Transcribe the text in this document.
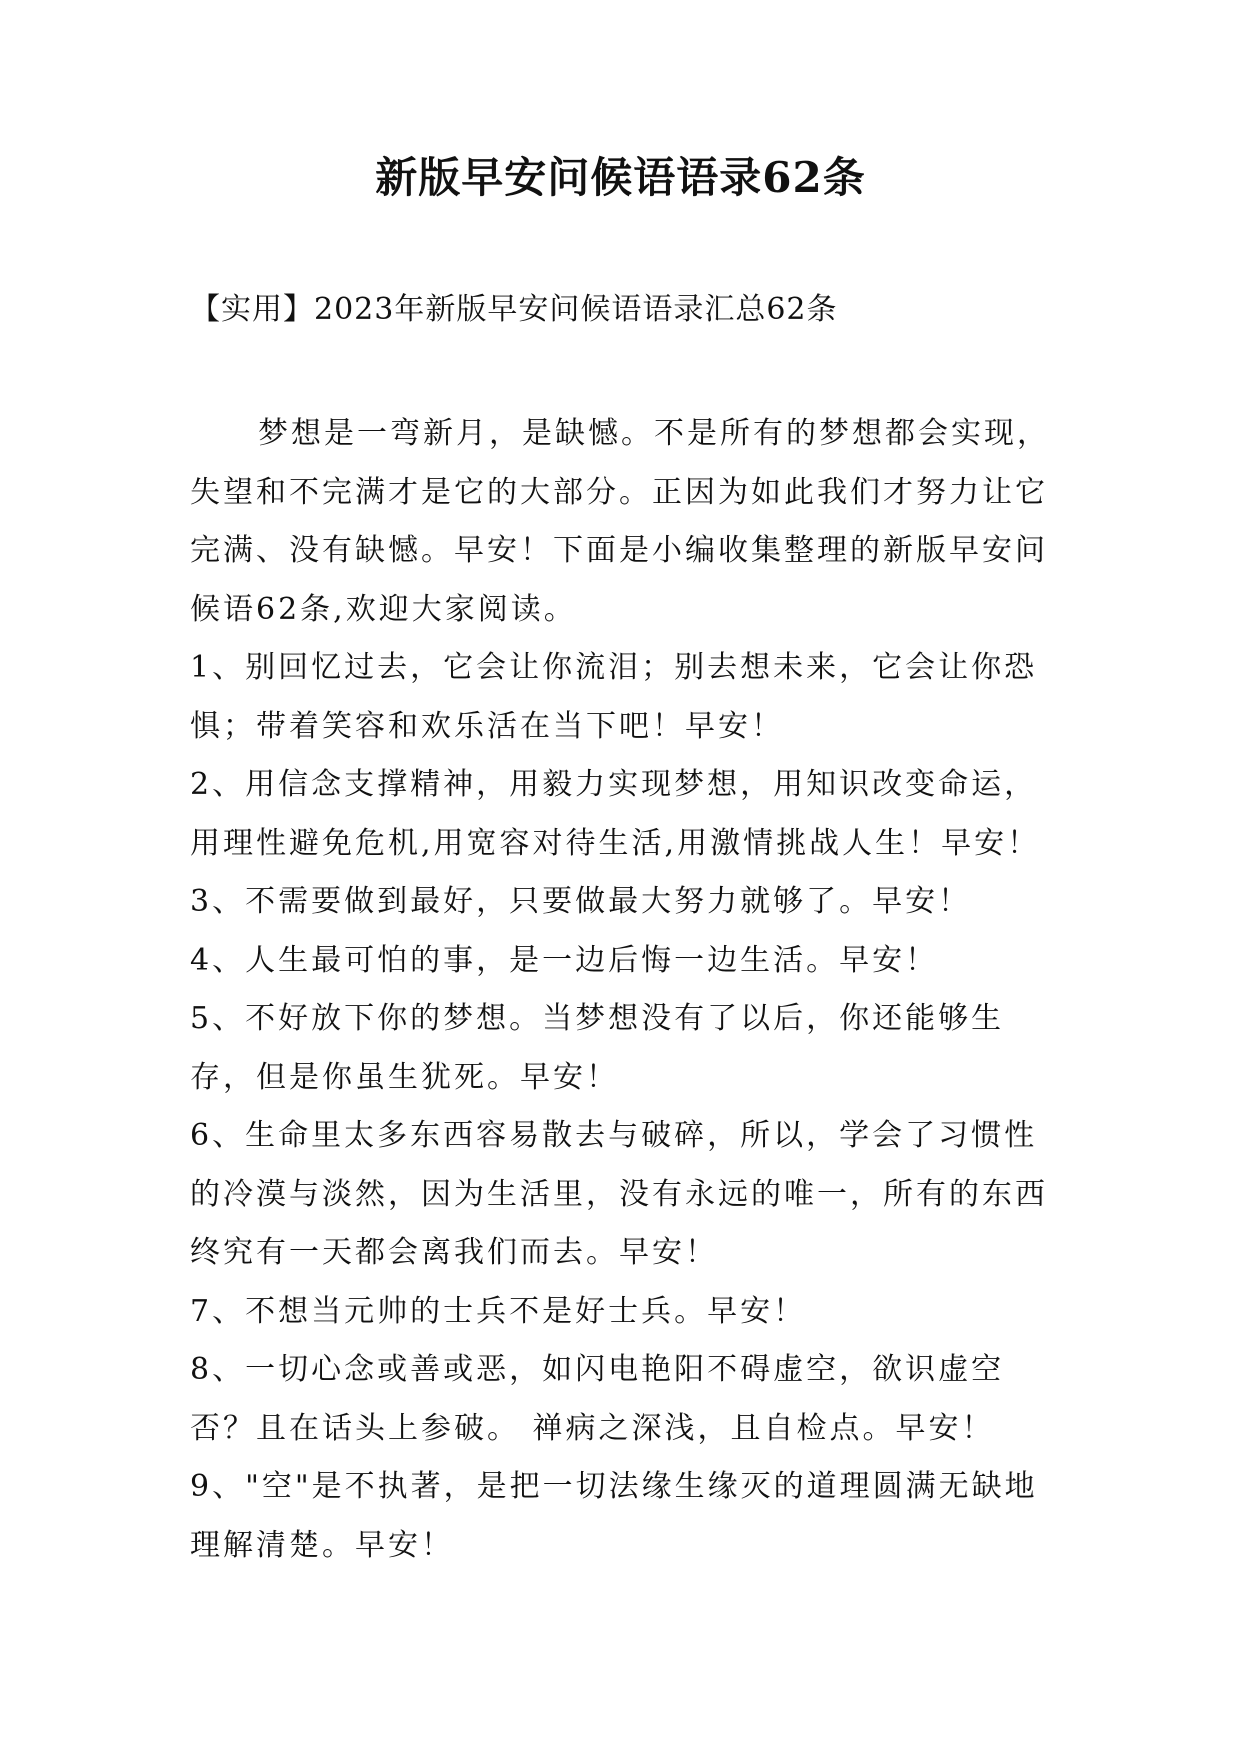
新版早安问候语语录62条
【实用】2023年新版早安问候语语录汇总62条

梦想是一弯新月，是缺憾。不是所有的梦想都会实现，失望和不完满才是它的大部分。正因为如此我们才努力让它完满、没有缺憾。早安！下面是小编收集整理的新版早安问候语62条,欢迎大家阅读。

1、别回忆过去，它会让你流泪；别去想未来，它会让你恐惧；带着笑容和欢乐活在当下吧！早安！

2、用信念支撑精神，用毅力实现梦想，用知识改变命运，用理性避免危机,用宽容对待生活,用激情挑战人生！早安！

3、不需要做到最好，只要做最大努力就够了。早安！

4、人生最可怕的事，是一边后悔一边生活。早安！

5、不好放下你的梦想。当梦想没有了以后，你还能够生存，但是你虽生犹死。早安！

6、生命里太多东西容易散去与破碎，所以，学会了习惯性的冷漠与淡然，因为生活里，没有永远的唯一，所有的东西终究有一天都会离我们而去。早安！

7、不想当元帅的士兵不是好士兵。早安！

8、一切心念或善或恶，如闪电艳阳不碍虚空，欲识虚空否？且在话头上参破。 禅病之深浅，且自检点。早安！

9、"空"是不执著，是把一切法缘生缘灭的道理圆满无缺地理解清楚。早安！
